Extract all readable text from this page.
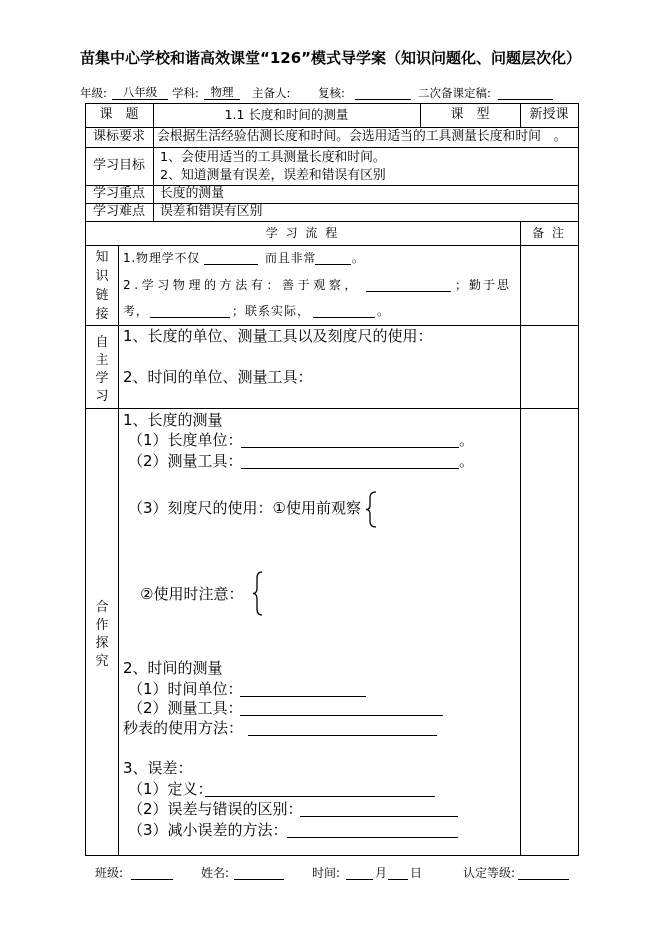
苗集中心学校和谐高效课堂“126”模式导学案（知识问题化、问题层次化）
年级:	八年级	学科:	物理	主备人: 复核:	二次备课定稿:
课　题	1.1 长度和时间的测量	课　型	新授课
课标要求 会根据生活经验估测长度和时间。会选用适当的工具测量长度和时间　。
学习目标
1、会使用适当的工具测量长度和时间。
2、知道测量有误差，误差和错误有区别
学习重点	长度的测量
学习难点	误差和错误有区别
学 习 流 程	备 注
知识链接
1.物理学不仅	而且非常	。
2.学习物理的方法有：善于观察，	；勤于思
考，	；联系实际，	。
自主学习
1、长度的单位、测量工具以及刻度尺的使用：
2、时间的单位、测量工具：
合作探究
1、长度的测量
（1）长度单位：	。
（2）测量工具：	。
（3）刻度尺的使用：①使用前观察
②使用时注意：
2、时间的测量
（1）时间单位：
（2）测量工具：
秒表的使用方法：
3、误差：
（1）定义：
（2）误差与错误的区别：
（3）减小误差的方法：
班级:	姓名:	时间:	月 日	认定等级:
